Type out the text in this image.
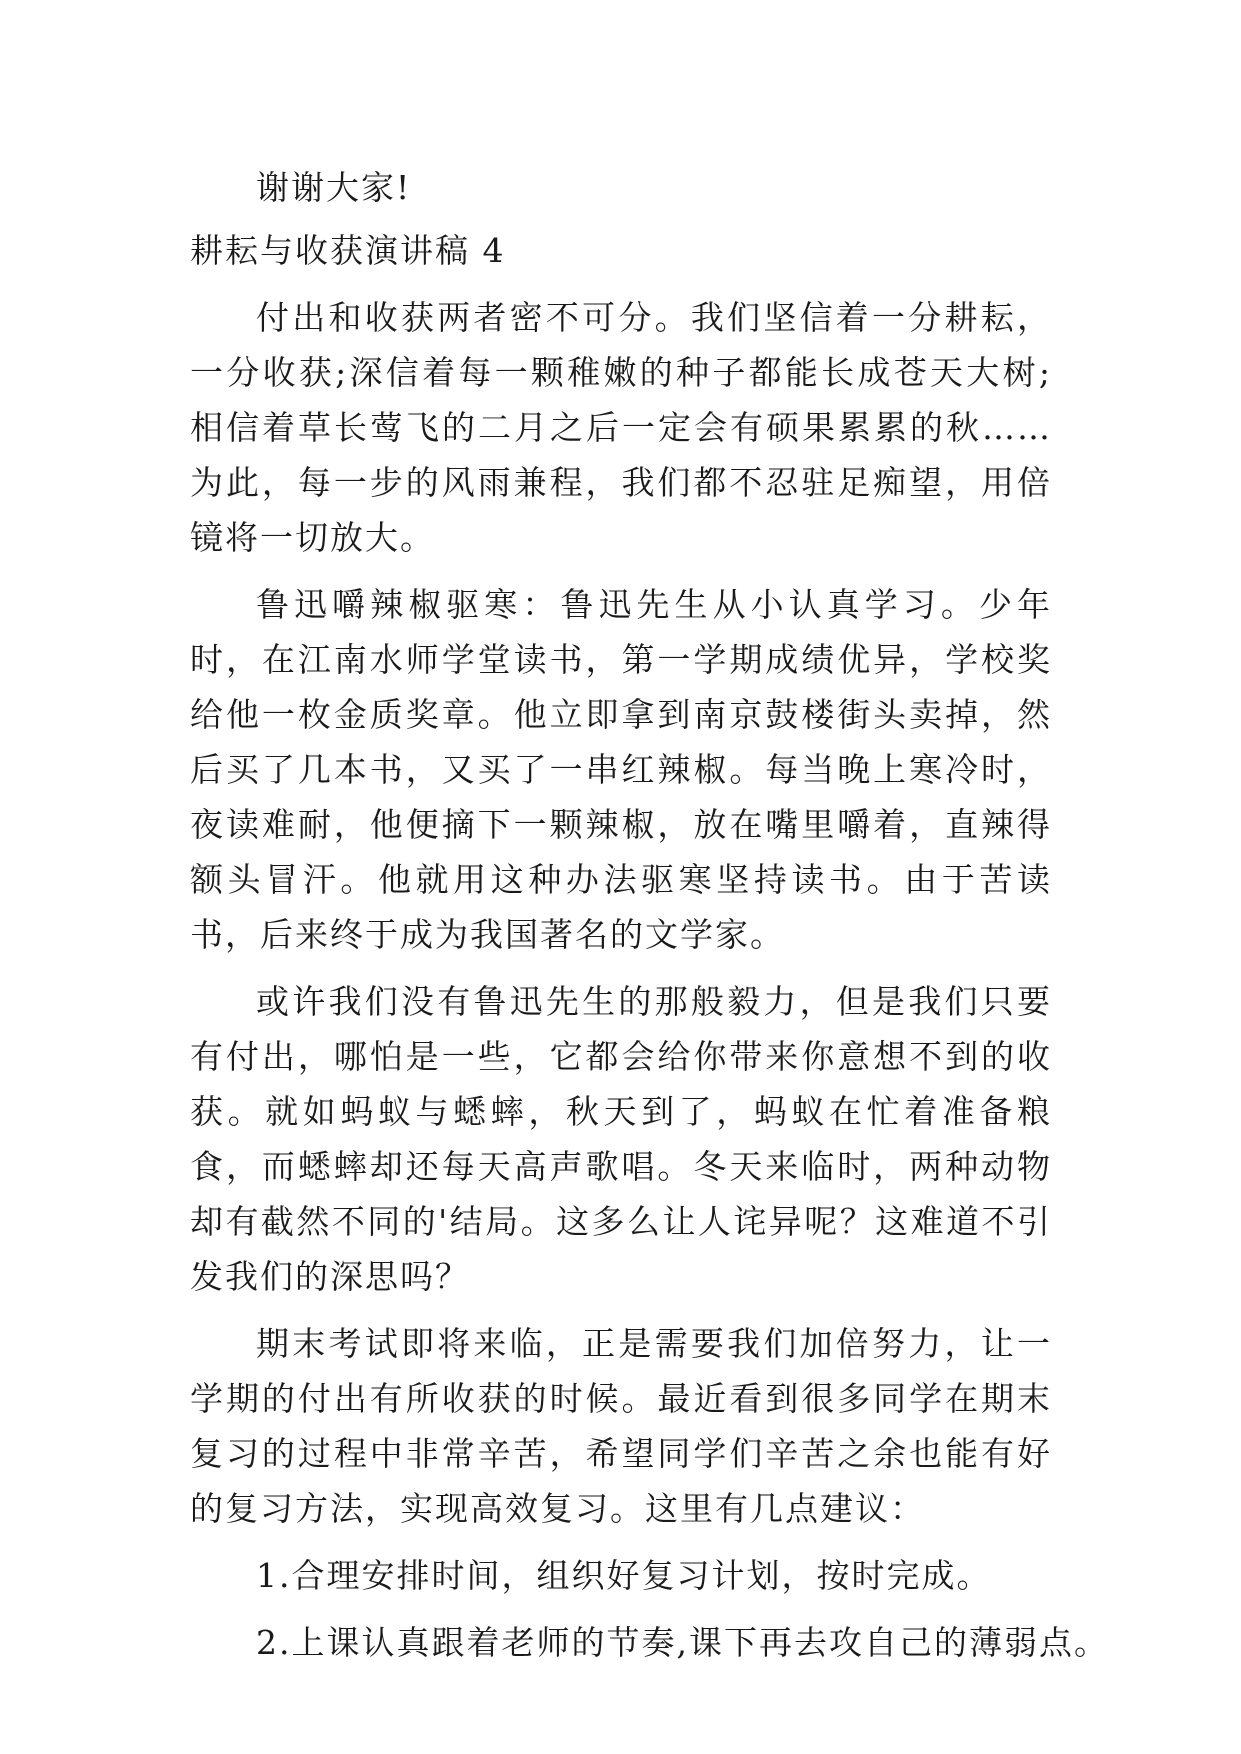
谢谢大家!
耕耘与收获演讲稿 4

付出和收获两者密不可分。我们坚信着一分耕耘，一分收获;深信着每一颗稚嫩的种子都能长成苍天大树;相信着草长莺飞的二月之后一定会有硕果累累的秋……为此，每一步的风雨兼程，我们都不忍驻足痴望，用倍镜将一切放大。

鲁迅嚼辣椒驱寒：鲁迅先生从小认真学习。少年时，在江南水师学堂读书，第一学期成绩优异，学校奖给他一枚金质奖章。他立即拿到南京鼓楼街头卖掉，然后买了几本书，又买了一串红辣椒。每当晚上寒冷时，夜读难耐，他便摘下一颗辣椒，放在嘴里嚼着，直辣得额头冒汗。他就用这种办法驱寒坚持读书。由于苦读书，后来终于成为我国著名的文学家。

或许我们没有鲁迅先生的那般毅力，但是我们只要有付出，哪怕是一些，它都会给你带来你意想不到的收获。就如蚂蚁与蟋蟀，秋天到了，蚂蚁在忙着准备粮食，而蟋蟀却还每天高声歌唱。冬天来临时，两种动物却有截然不同的'结局。这多么让人诧异呢？这难道不引发我们的深思吗？

期末考试即将来临，正是需要我们加倍努力，让一学期的付出有所收获的时候。最近看到很多同学在期末复习的过程中非常辛苦，希望同学们辛苦之余也能有好的复习方法，实现高效复习。这里有几点建议：

1.合理安排时间，组织好复习计划，按时完成。

2.上课认真跟着老师的节奏,课下再去攻自己的薄弱点。
